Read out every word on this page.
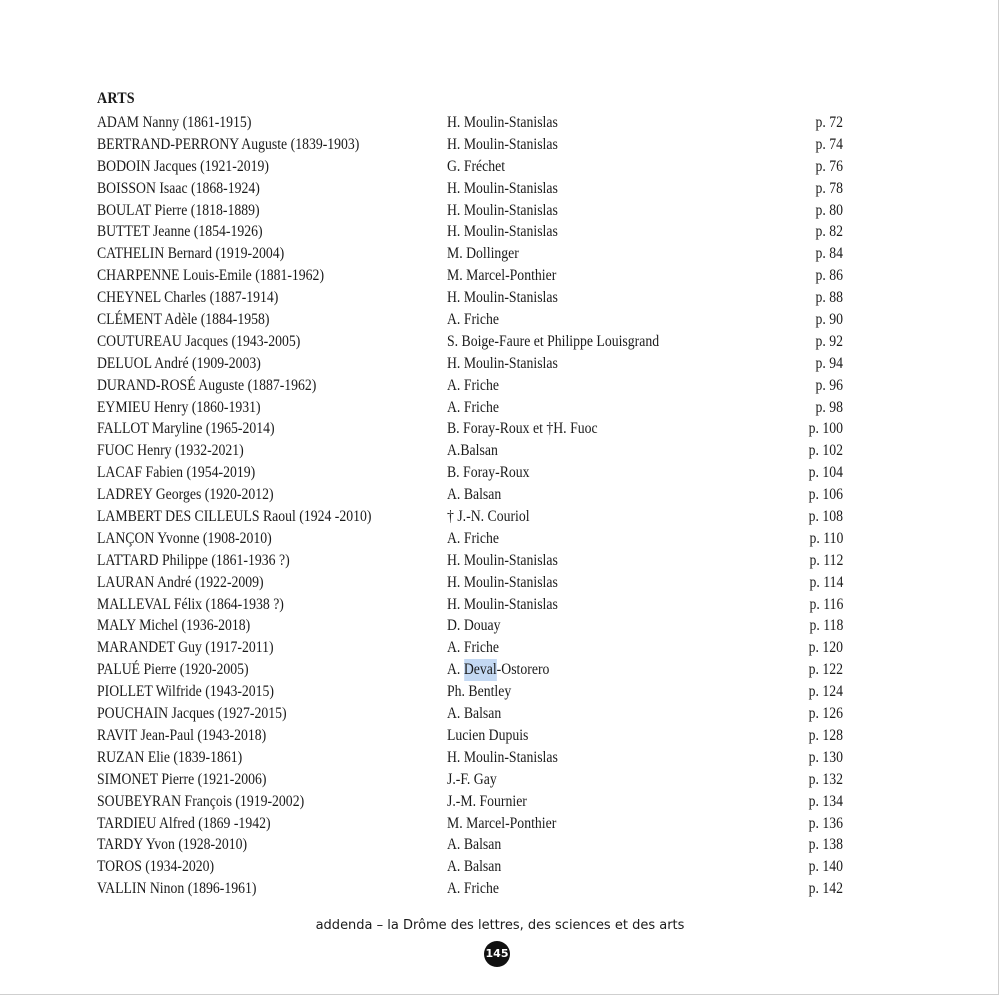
ARTS
ADAM Nanny (1861-1915)	H. Moulin-Stanislas	p. 72
BERTRAND-PERRONY Auguste (1839-1903)	H. Moulin-Stanislas	p. 74
BODOIN Jacques (1921-2019)	G. Fréchet	p. 76
BOISSON Isaac (1868-1924)	H. Moulin-Stanislas	p. 78
BOULAT Pierre (1818-1889)	H. Moulin-Stanislas	p. 80
BUTTET Jeanne (1854-1926)	H. Moulin-Stanislas	p. 82
CATHELIN Bernard (1919-2004)	M. Dollinger	p. 84
CHARPENNE Louis-Emile (1881-1962)	M. Marcel-Ponthier	p. 86
CHEYNEL Charles (1887-1914)	H. Moulin-Stanislas	p. 88
CLÉMENT Adèle (1884-1958)	A. Friche	p. 90
COUTUREAU Jacques (1943-2005)	S. Boige-Faure et Philippe Louisgrand	p. 92
DELUOL André (1909-2003)	H. Moulin-Stanislas	p. 94
DURAND-ROSÉ Auguste (1887-1962)	A. Friche	p. 96
EYMIEU Henry (1860-1931)	A. Friche	p. 98
FALLOT Maryline (1965-2014)	B. Foray-Roux et †H. Fuoc	p. 100
FUOC Henry (1932-2021)	A.Balsan	p. 102
LACAF Fabien (1954-2019)	B. Foray-Roux	p. 104
LADREY Georges (1920-2012)	A. Balsan	p. 106
LAMBERT DES CILLEULS Raoul (1924 -2010)	† J.-N. Couriol	p. 108
LANÇON Yvonne (1908-2010)	A. Friche	p. 110
LATTARD Philippe (1861-1936 ?)	H. Moulin-Stanislas	p. 112
LAURAN André (1922-2009)	H. Moulin-Stanislas	p. 114
MALLEVAL Félix (1864-1938 ?)	H. Moulin-Stanislas	p. 116
MALY Michel (1936-2018)	D. Douay	p. 118
MARANDET Guy (1917-2011)	A. Friche	p. 120
PALUÉ Pierre (1920-2005)	A. Deval-Ostorero	p. 122
PIOLLET Wilfride (1943-2015)	Ph. Bentley	p. 124
POUCHAIN Jacques (1927-2015)	A. Balsan	p. 126
RAVIT Jean-Paul (1943-2018)	Lucien Dupuis	p. 128
RUZAN Elie (1839-1861)	H. Moulin-Stanislas	p. 130
SIMONET Pierre (1921-2006)	J.-F. Gay	p. 132
SOUBEYRAN François (1919-2002)	J.-M. Fournier	p. 134
TARDIEU Alfred (1869 -1942)	M. Marcel-Ponthier	p. 136
TARDY Yvon (1928-2010)	A. Balsan	p. 138
TOROS (1934-2020)	A. Balsan	p. 140
VALLIN Ninon (1896-1961)	A. Friche	p. 142
addenda – la Drôme des lettres, des sciences et des arts
145
